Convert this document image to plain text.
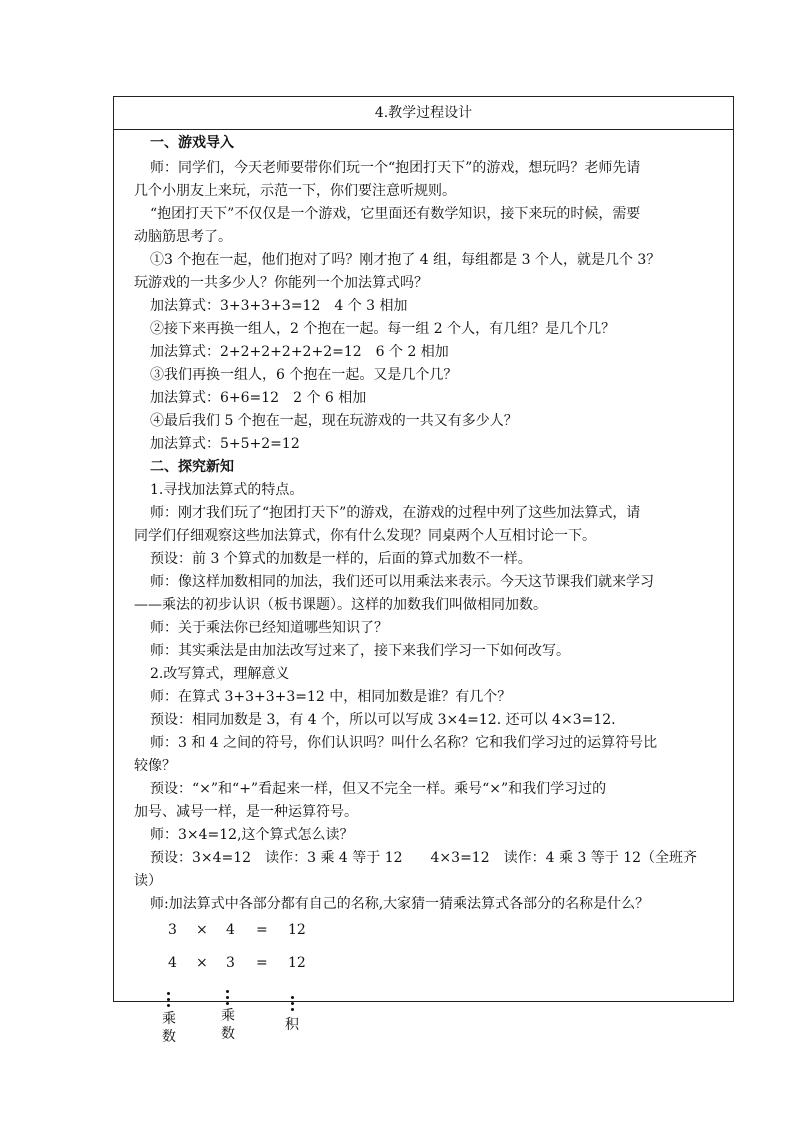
4.教学过程设计
一、游戏导入
师：同学们，今天老师要带你们玩一个“抱团打天下”的游戏，想玩吗？老师先请
几个小朋友上来玩，示范一下，你们要注意听规则。
“抱团打天下”不仅仅是一个游戏，它里面还有数学知识，接下来玩的时候，需要
动脑筋思考了。
①3 个抱在一起，他们抱对了吗？刚才抱了 4 组，每组都是 3 个人，就是几个 3？
玩游戏的一共多少人？你能列一个加法算式吗？
加法算式：3+3+3+3=12　4 个 3 相加
②接下来再换一组人，2 个抱在一起。每一组 2 个人，有几组？是几个几？
加法算式：2+2+2+2+2+2=12　6 个 2 相加
③我们再换一组人，6 个抱在一起。又是几个几？
加法算式：6+6=12　2 个 6 相加
④最后我们 5 个抱在一起，现在玩游戏的一共又有多少人？
加法算式：5+5+2=12
二、探究新知
1.寻找加法算式的特点。
师：刚才我们玩了“抱团打天下”的游戏，在游戏的过程中列了这些加法算式，请
同学们仔细观察这些加法算式，你有什么发现？同桌两个人互相讨论一下。
预设：前 3 个算式的加数是一样的，后面的算式加数不一样。
师：像这样加数相同的加法，我们还可以用乘法来表示。今天这节课我们就来学习
——乘法的初步认识（板书课题）。这样的加数我们叫做相同加数。
师：关于乘法你已经知道哪些知识了？
师：其实乘法是由加法改写过来了，接下来我们学习一下如何改写。
2.改写算式，理解意义
师：在算式 3+3+3+3=12 中，相同加数是谁？有几个？
预设：相同加数是 3，有 4 个，所以可以写成 3×4=12. 还可以 4×3=12.
师：3 和 4 之间的符号，你们认识吗？叫什么名称？它和我们学习过的运算符号比
较像？
预设：“×”和“+”看起来一样，但又不完全一样。乘号“×”和我们学习过的
加号、减号一样，是一种运算符号。
师：3×4=12,这个算式怎么读？
预设：3×4=12　读作：3 乘 4 等于 12　　4×3=12　读作：4 乘 3 等于 12（全班齐
读）
师:加法算式中各部分都有自己的名称,大家猜一猜乘法算式各部分的名称是什么？
3 × 4 = 12
4 × 3 = 12
乘
数
乘
数
积
